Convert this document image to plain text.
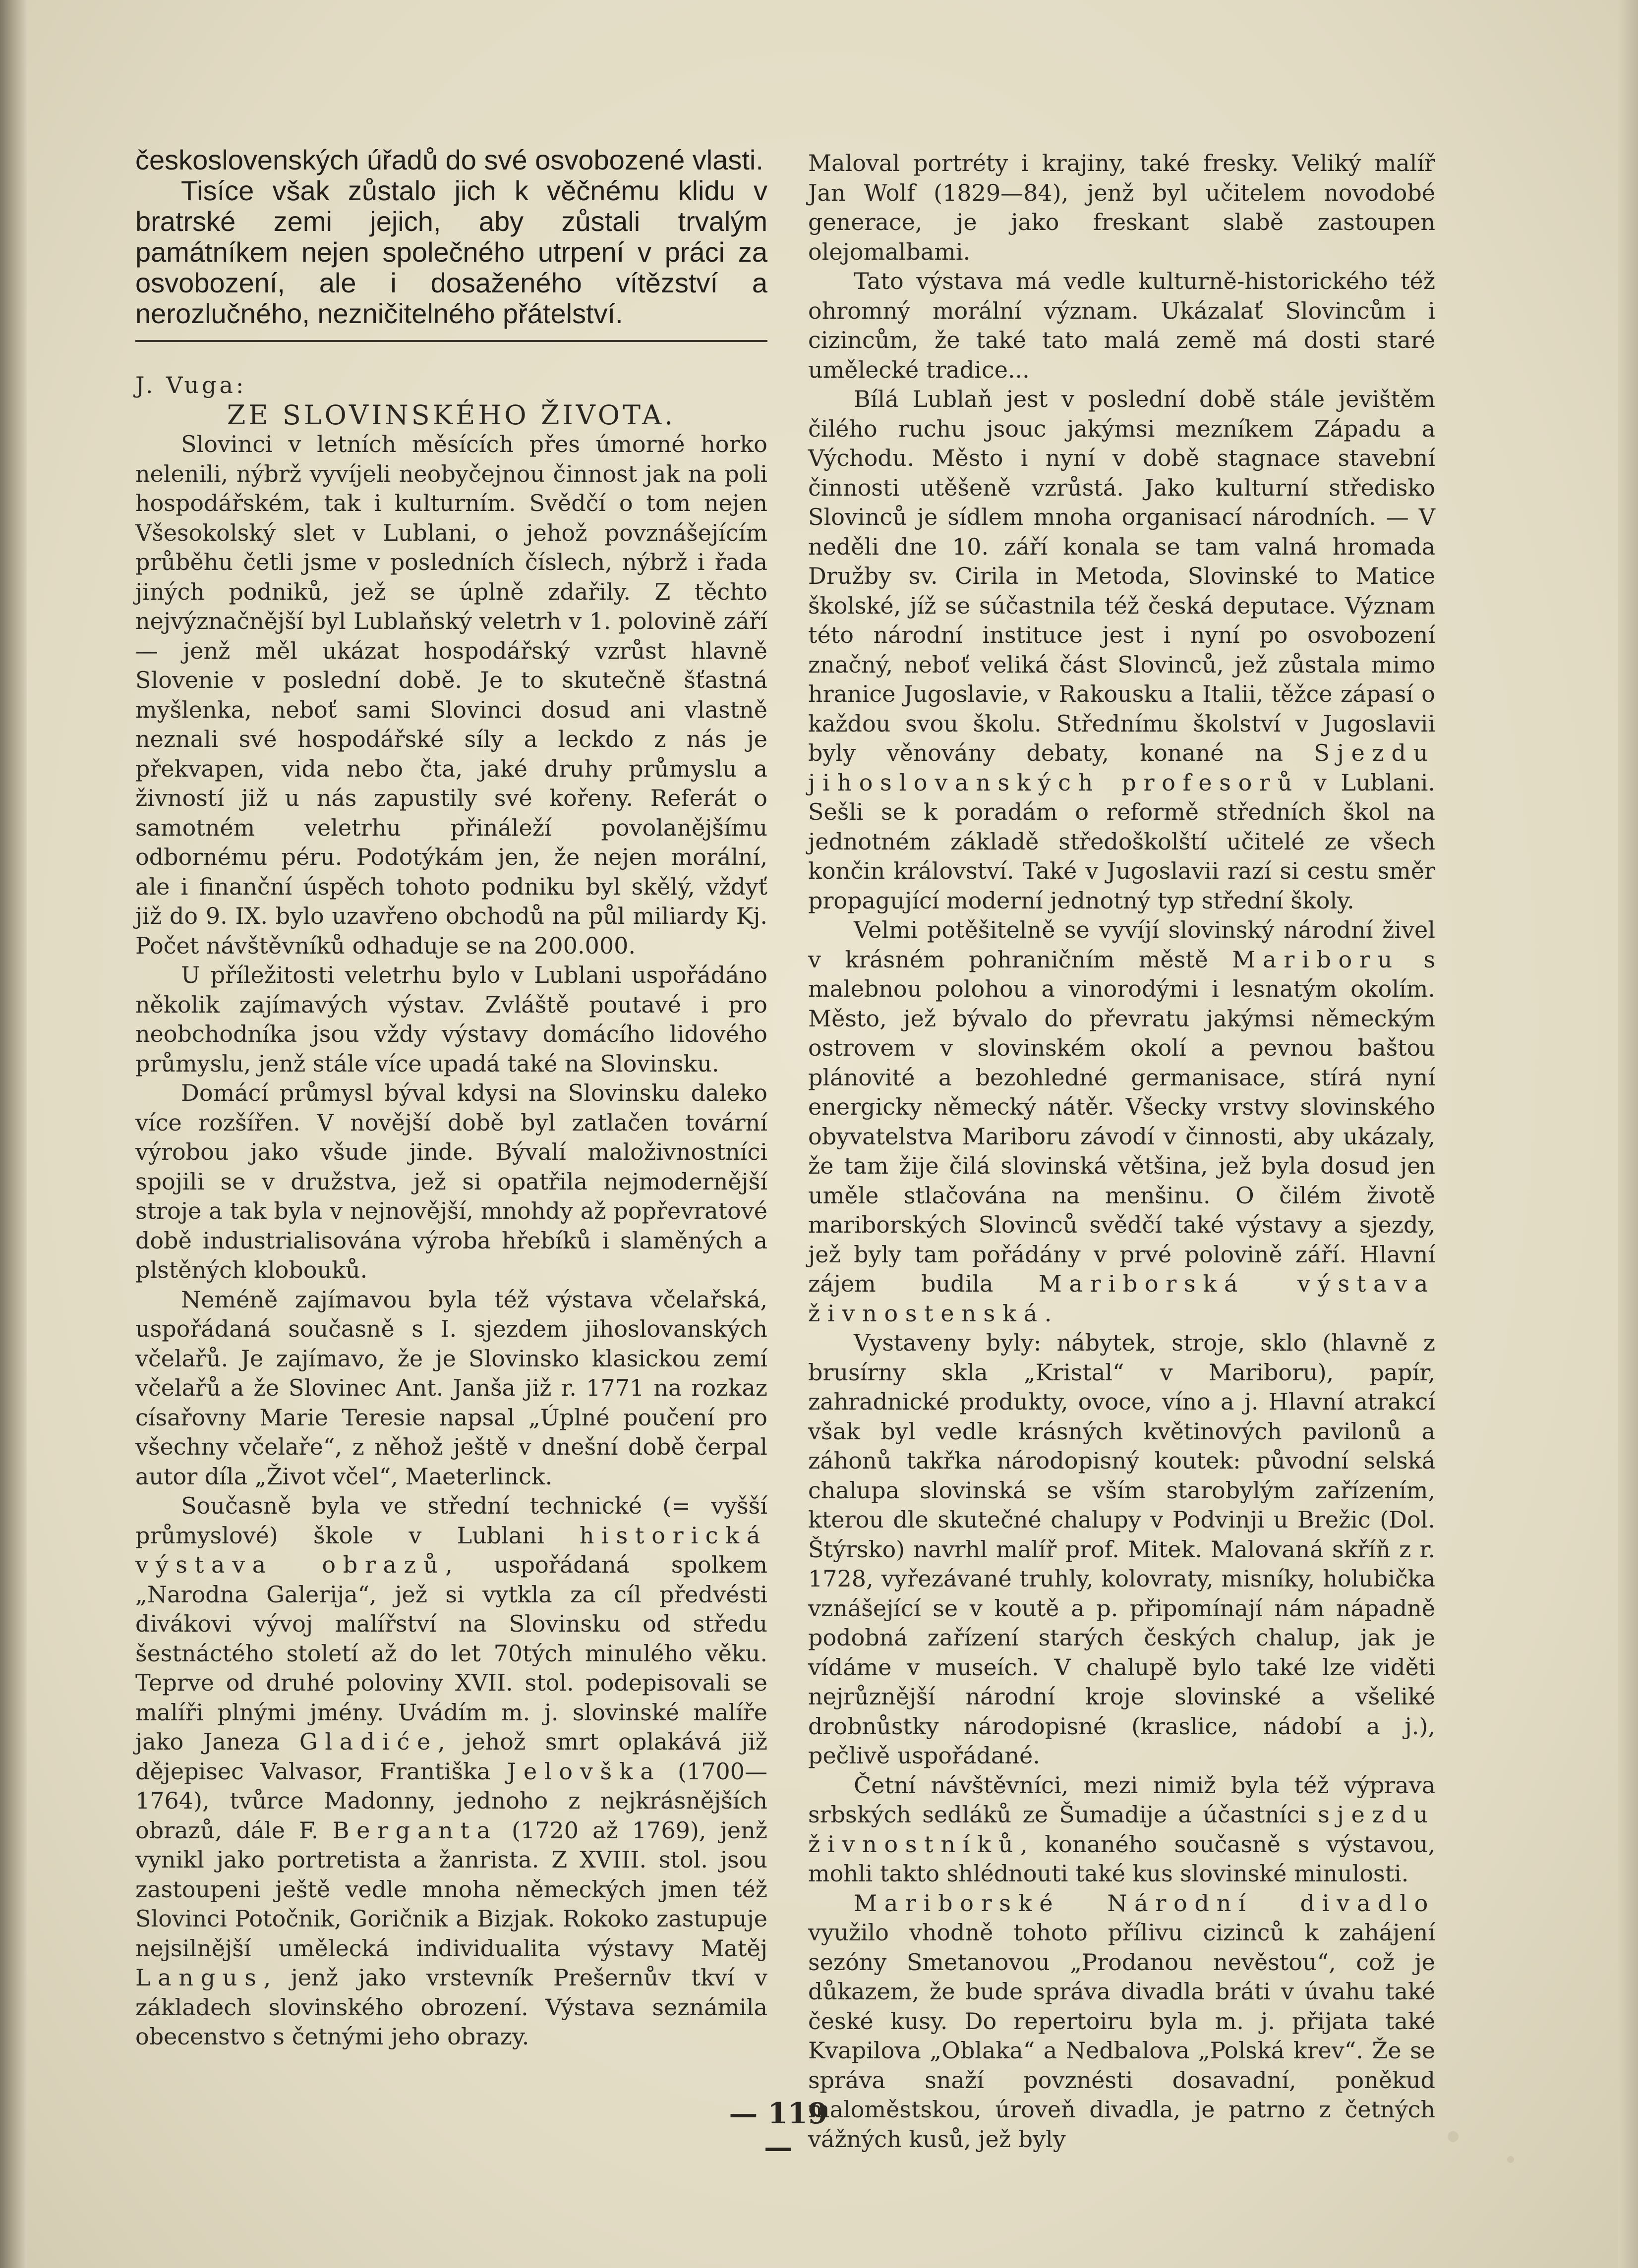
československých úřadů do své osvobozené vlasti.

Tisíce však zůstalo jich k věčnému klidu v bratrské zemi jejich, aby zůstali trvalým památníkem nejen společného utrpení v práci za osvobození, ale i dosaženého vítězství a nerozlučného, nezničitelného přátelství.

J. Vuga:

ZE SLOVINSKÉHO ŽIVOTA.

Slovinci v letních měsících přes úmorné horko nelenili, nýbrž vyvíjeli neobyčejnou činnost jak na poli hospodářském, tak i kulturním. Svědčí o tom nejen Všesokolský slet v Lublani, o jehož povznášejícím průběhu četli jsme v posledních číslech, nýbrž i řada jiných podniků, jež se úplně zdařily. Z těchto nejvýznačnější byl Lublaňský veletrh v 1. polovině září — jenž měl ukázat hospodářský vzrůst hlavně Slovenie v poslední době. Je to skutečně šťastná myšlenka, neboť sami Slovinci dosud ani vlastně neznali své hospodářské síly a leckdo z nás je překvapen, vida nebo čta, jaké druhy průmyslu a živností již u nás zapustily své kořeny. Referát o samotném veletrhu přináleží povolanějšímu odbornému péru. Podotýkám jen, že nejen morální, ale i finanční úspěch tohoto podniku byl skělý, vždyť již do 9. IX. bylo uzavřeno obchodů na půl miliardy Kj. Počet návštěvníků odhaduje se na 200.000.

U příležitosti veletrhu bylo v Lublani uspořádáno několik zajímavých výstav. Zvláště poutavé i pro neobchodníka jsou vždy výstavy domácího lidového průmyslu, jenž stále více upadá také na Slovinsku.

Domácí průmysl býval kdysi na Slovinsku daleko více rozšířen. V novější době byl zatlačen tovární výrobou jako všude jinde. Bývalí maloživnostníci spojili se v družstva, jež si opatřila nejmodernější stroje a tak byla v nejnovější, mnohdy až popřevratové době industrialisována výroba hřebíků i slaměných a plstěných klobouků.

Neméně zajímavou byla též výstava včelařská, uspořádaná současně s I. sjezdem jihoslovanských včelařů. Je zajímavo, že je Slovinsko klasickou zemí včelařů a že Slovinec Ant. Janša již r. 1771 na rozkaz císařovny Marie Teresie napsal „Úplné poučení pro všechny včelaře“, z něhož ještě v dnešní době čerpal autor díla „Život včel“, Maeterlinck.

Současně byla ve střední technické (= vyšší průmyslové) škole v Lublani historická výstava obrazů, uspořádaná spolkem „Narodna Galerija“, jež si vytkla za cíl předvésti divákovi vývoj malířství na Slovinsku od středu šestnáctého století až do let 70tých minulého věku. Teprve od druhé poloviny XVII. stol. podepisovali se malíři plnými jmény. Uvádím m. j. slovinské malíře jako Janeza Gladiće, jehož smrt oplakává již dějepisec Valvasor, Františka Jelovška (1700—1764), tvůrce Madonny, jednoho z nejkrásnějších obrazů, dále F. Berganta (1720 až 1769), jenž vynikl jako portretista a žanrista. Z XVIII. stol. jsou zastoupeni ještě vedle mnoha německých jmen též Slovinci Potočnik, Goričnik a Bizjak. Rokoko zastupuje nejsilnější umělecká individualita výstavy Matěj Langus, jenž jako vrstevník Prešernův tkví v základech slovinského obrození. Výstava seznámila obecenstvo s četnými jeho obrazy.

Maloval portréty i krajiny, také fresky. Veliký malíř Jan Wolf (1829—84), jenž byl učitelem novodobé generace, je jako freskant slabě zastoupen olejomalbami.

Tato výstava má vedle kulturně-historického též ohromný morální význam. Ukázalať Slovincům i cizincům, že také tato malá země má dosti staré umělecké tradice...

Bílá Lublaň jest v poslední době stále jevištěm čilého ruchu jsouc jakýmsi mezníkem Západu a Východu. Město i nyní v době stagnace stavební činnosti utěšeně vzrůstá. Jako kulturní středisko Slovinců je sídlem mnoha organisací národních. — V neděli dne 10. září konala se tam valná hromada Družby sv. Cirila in Metoda, Slovinské to Matice školské, jíž se súčastnila též česká deputace. Význam této národní instituce jest i nyní po osvobození značný, neboť veliká část Slovinců, jež zůstala mimo hranice Jugoslavie, v Rakousku a Italii, těžce zápasí o každou svou školu. Střednímu školství v Jugoslavii byly věnovány debaty, konané na Sjezdu jihoslovanských profesorů v Lublani. Sešli se k poradám o reformě středních škol na jednotném základě středoškolští učitelé ze všech končin království. Také v Jugoslavii razí si cestu směr propagující moderní jednotný typ střední školy.

Velmi potěšitelně se vyvíjí slovinský národní živel v krásném pohraničním městě Mariboru s malebnou polohou a vinorodými i lesnatým okolím. Město, jež bývalo do převratu jakýmsi německým ostrovem v slovinském okolí a pevnou baštou plánovité a bezohledné germanisace, stírá nyní energicky německý nátěr. Všecky vrstvy slovinského obyvatelstva Mariboru závodí v činnosti, aby ukázaly, že tam žije čilá slovinská většina, jež byla dosud jen uměle stlačována na menšinu. O čilém životě mariborských Slovinců svědčí také výstavy a sjezdy, jež byly tam pořádány v prvé polovině září. Hlavní zájem budila Mariborská výstava živnostenská.

Vystaveny byly: nábytek, stroje, sklo (hlavně z brusírny skla „Kristal“ v Mariboru), papír, zahradnické produkty, ovoce, víno a j. Hlavní atrakcí však byl vedle krásných květinových pavilonů a záhonů takřka národopisný koutek: původní selská chalupa slovinská se vším starobylým zařízením, kterou dle skutečné chalupy v Podvinji u Brežic (Dol. Štýrsko) navrhl malíř prof. Mitek. Malovaná skříň z r. 1728, vyřezávané truhly, kolovraty, misníky, holubička vznášející se v koutě a p. připomínají nám nápadně podobná zařízení starých českých chalup, jak je vídáme v museích. V chalupě bylo také lze viděti nejrůznější národní kroje slovinské a všeliké drobnůstky národopisné (kraslice, nádobí a j.), pečlivě uspořádané.

Četní návštěvníci, mezi nimiž byla též výprava srbských sedláků ze Šumadije a účastníci sjezdu živnostníků, konaného současně s výstavou, mohli takto shlédnouti také kus slovinské minulosti.

Mariborské Národní divadlo využilo vhodně tohoto přílivu cizinců k zahájení sezóny Smetanovou „Prodanou nevěstou“, což je důkazem, že bude správa divadla bráti v úvahu také české kusy. Do repertoiru byla m. j. přijata také Kvapilova „Oblaka“ a Nedbalova „Polská krev“. Že se správa snaží povznésti dosavadní, poněkud maloměstskou, úroveň divadla, je patrno z četných vážných kusů, jež byly

— 119 —
